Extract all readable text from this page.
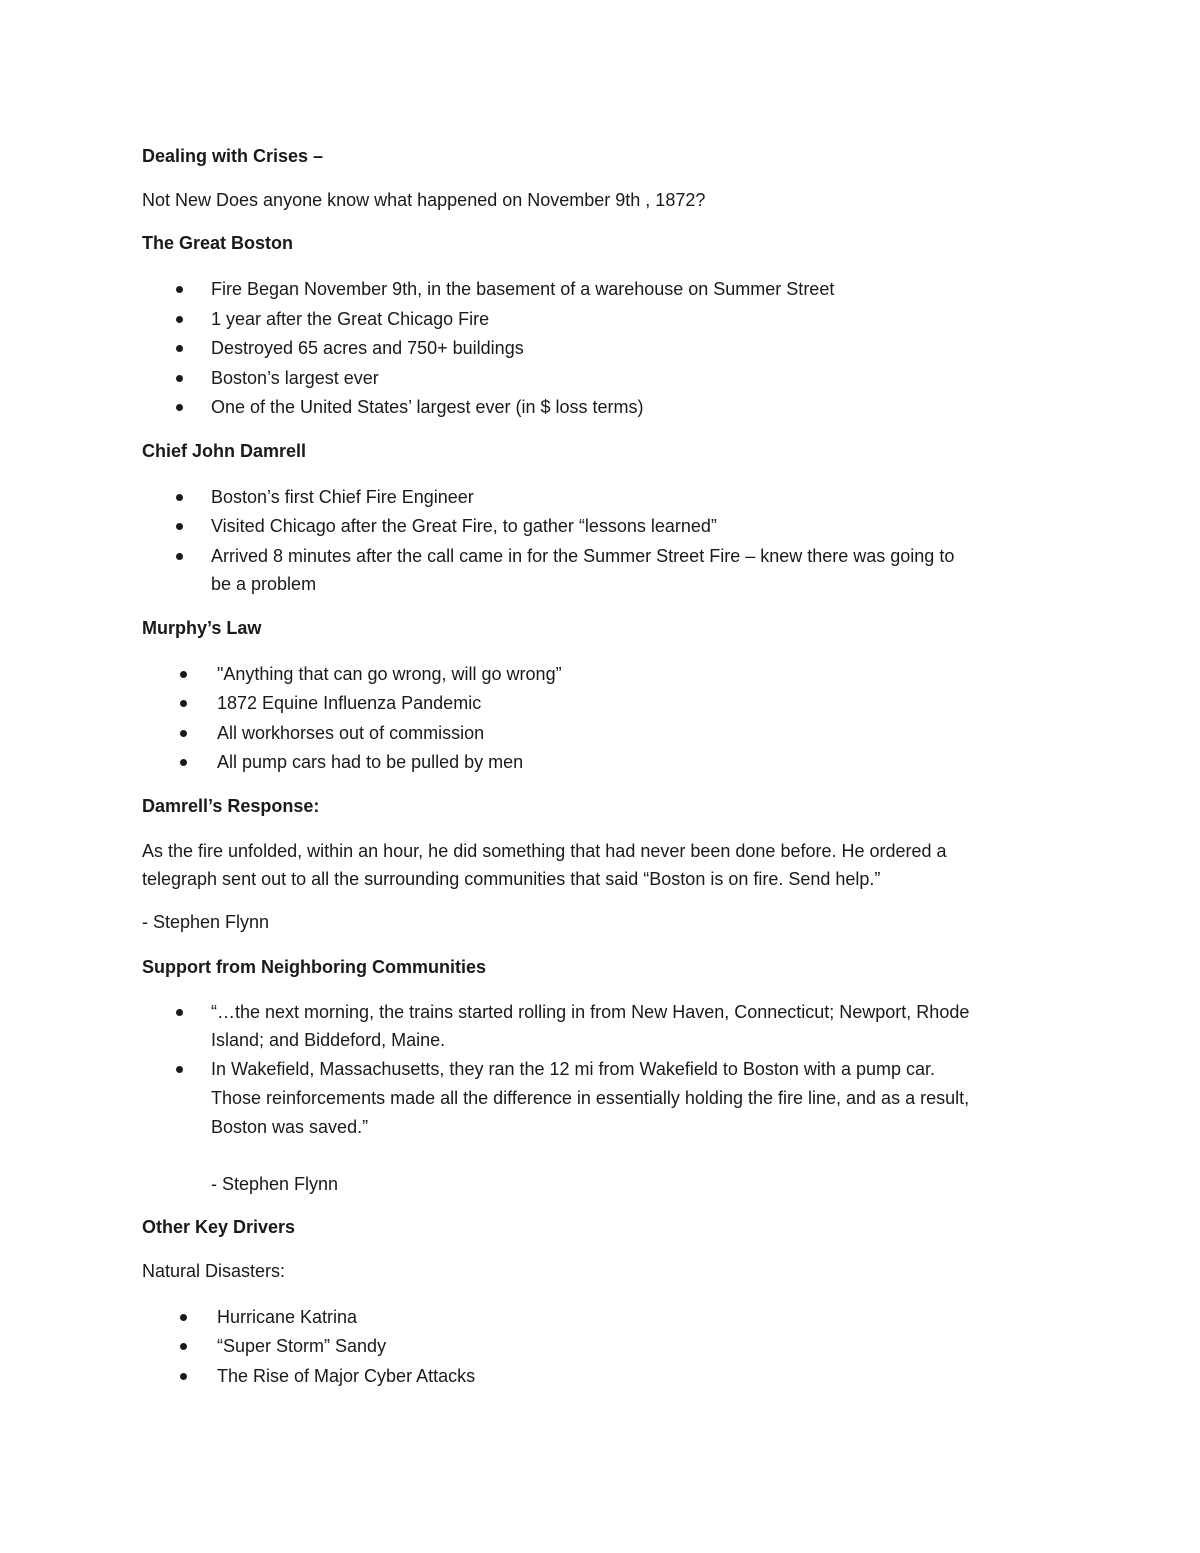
Dealing with Crises –

Not New Does anyone know what happened on November 9th , 1872?

The Great Boston

Fire Began November 9th, in the basement of a warehouse on Summer Street

1 year after the Great Chicago Fire

Destroyed 65 acres and 750+ buildings

Boston’s largest ever

One of the United States’ largest ever (in $ loss terms)

Chief John Damrell

Boston’s first Chief Fire Engineer

Visited Chicago after the Great Fire, to gather “lessons learned”

Arrived 8 minutes after the call came in for the Summer Street Fire – knew there was going to

be a problem

Murphy’s Law

"Anything that can go wrong, will go wrong”

1872 Equine Influenza Pandemic

All workhorses out of commission

All pump cars had to be pulled by men

Damrell’s Response:

As the fire unfolded, within an hour, he did something that had never been done before. He ordered a

telegraph sent out to all the surrounding communities that said “Boston is on fire. Send help.”

- Stephen Flynn

Support from Neighboring Communities

“…the next morning, the trains started rolling in from New Haven, Connecticut; Newport, Rhode

Island; and Biddeford, Maine.

In Wakefield, Massachusetts, they ran the 12 mi from Wakefield to Boston with a pump car.

Those reinforcements made all the difference in essentially holding the fire line, and as a result,

Boston was saved.”

- Stephen Flynn

Other Key Drivers

Natural Disasters:

Hurricane Katrina

“Super Storm” Sandy

The Rise of Major Cyber Attacks
